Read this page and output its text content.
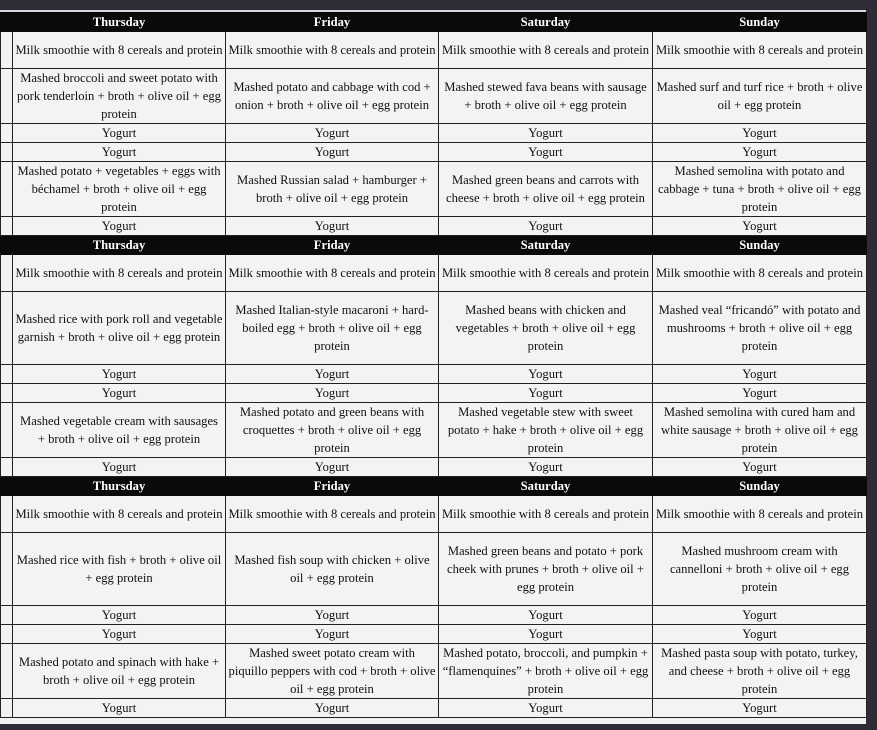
	Thursday	Friday	Saturday	Sunday
	Milk smoothie with 8 cereals and protein	Milk smoothie with 8 cereals and protein	Milk smoothie with 8 cereals and protein	Milk smoothie with 8 cereals and protein
	Mashed broccoli and sweet potato with pork tenderloin + broth + olive oil + egg protein	Mashed potato and cabbage with cod + onion + broth + olive oil + egg protein	Mashed stewed fava beans with sausage + broth + olive oil + egg protein	Mashed surf and turf rice + broth + olive oil + egg protein
	Yogurt	Yogurt	Yogurt	Yogurt
	Yogurt	Yogurt	Yogurt	Yogurt
	Mashed potato + vegetables + eggs with béchamel + broth + olive oil + egg protein	Mashed Russian salad + hamburger + broth + olive oil + egg protein	Mashed green beans and carrots with cheese + broth + olive oil + egg protein	Mashed semolina with potato and cabbage + tuna + broth + olive oil + egg protein
	Yogurt	Yogurt	Yogurt	Yogurt
	Thursday	Friday	Saturday	Sunday
	Milk smoothie with 8 cereals and protein	Milk smoothie with 8 cereals and protein	Milk smoothie with 8 cereals and protein	Milk smoothie with 8 cereals and protein
	Mashed rice with pork roll and vegetable garnish + broth + olive oil + egg protein	Mashed Italian-style macaroni + hard-boiled egg + broth + olive oil + egg protein	Mashed beans with chicken and vegetables + broth + olive oil + egg protein	Mashed veal “fricandó” with potato and mushrooms + broth + olive oil + egg protein
	Yogurt	Yogurt	Yogurt	Yogurt
	Yogurt	Yogurt	Yogurt	Yogurt
	Mashed vegetable cream with sausages + broth + olive oil + egg protein	Mashed potato and green beans with croquettes + broth + olive oil + egg protein	Mashed vegetable stew with sweet potato + hake + broth + olive oil + egg protein	Mashed semolina with cured ham and white sausage + broth + olive oil + egg protein
	Yogurt	Yogurt	Yogurt	Yogurt
	Thursday	Friday	Saturday	Sunday
	Milk smoothie with 8 cereals and protein	Milk smoothie with 8 cereals and protein	Milk smoothie with 8 cereals and protein	Milk smoothie with 8 cereals and protein
	Mashed rice with fish + broth + olive oil + egg protein	Mashed fish soup with chicken + olive oil + egg protein	Mashed green beans and potato + pork cheek with prunes + broth + olive oil + egg protein	Mashed mushroom cream with cannelloni + broth + olive oil + egg protein
	Yogurt	Yogurt	Yogurt	Yogurt
	Yogurt	Yogurt	Yogurt	Yogurt
	Mashed potato and spinach with hake + broth + olive oil + egg protein	Mashed sweet potato cream with piquillo peppers with cod + broth + olive oil + egg protein	Mashed potato, broccoli, and pumpkin + “flamenquines” + broth + olive oil + egg protein	Mashed pasta soup with potato, turkey, and cheese + broth + olive oil + egg protein
	Yogurt	Yogurt	Yogurt	Yogurt
